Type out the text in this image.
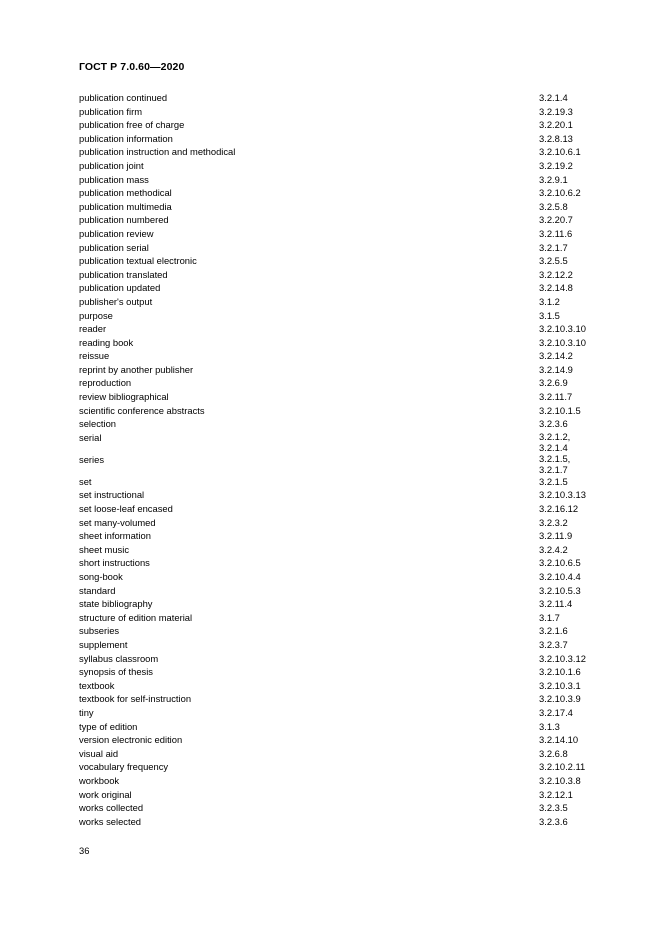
ГОСТ Р 7.0.60—2020
publication continued	3.2.1.4
publication firm	3.2.19.3
publication free of charge	3.2.20.1
publication information	3.2.8.13
publication instruction and methodical	3.2.10.6.1
publication joint	3.2.19.2
publication mass	3.2.9.1
publication methodical	3.2.10.6.2
publication multimedia	3.2.5.8
publication numbered	3.2.20.7
publication review	3.2.11.6
publication serial	3.2.1.7
publication textual electronic	3.2.5.5
publication translated	3.2.12.2
publication updated	3.2.14.8
publisher's output	3.1.2
purpose	3.1.5
reader	3.2.10.3.10
reading book	3.2.10.3.10
reissue	3.2.14.2
reprint by another publisher	3.2.14.9
reproduction	3.2.6.9
review bibliographical	3.2.11.7
scientific conference abstracts	3.2.10.1.5
selection	3.2.3.6
serial	3.2.1.2,
3.2.1.4
series	3.2.1.5,
3.2.1.7
set	3.2.1.5
set instructional	3.2.10.3.13
set loose-leaf encased	3.2.16.12
set many-volumed	3.2.3.2
sheet information	3.2.11.9
sheet music	3.2.4.2
short instructions	3.2.10.6.5
song-book	3.2.10.4.4
standard	3.2.10.5.3
state bibliography	3.2.11.4
structure of edition material	3.1.7
subseries	3.2.1.6
supplement	3.2.3.7
syllabus classroom	3.2.10.3.12
synopsis of thesis	3.2.10.1.6
textbook	3.2.10.3.1
textbook for self-instruction	3.2.10.3.9
tiny	3.2.17.4
type of edition	3.1.3
version electronic edition	3.2.14.10
visual aid	3.2.6.8
vocabulary frequency	3.2.10.2.11
workbook	3.2.10.3.8
work original	3.2.12.1
works collected	3.2.3.5
works selected	3.2.3.6
36
